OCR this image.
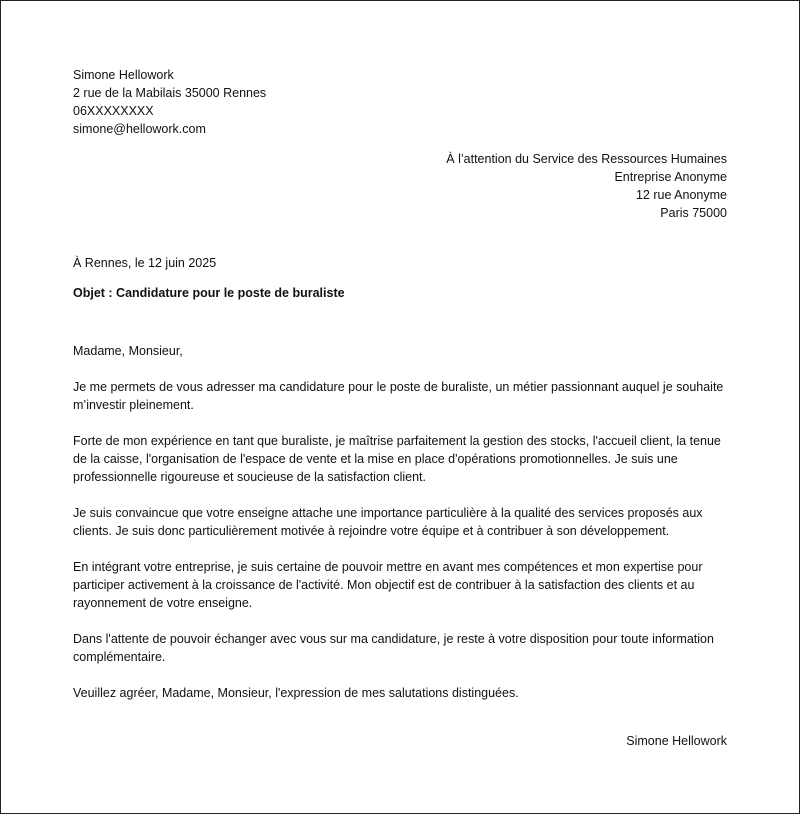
Simone Hellowork
2 rue de la Mabilais 35000 Rennes
06XXXXXXXX
simone@hellowork.com
À l’attention du Service des Ressources Humaines
Entreprise Anonyme
12 rue Anonyme
Paris 75000
À Rennes, le 12 juin 2025
Objet : Candidature pour le poste de buraliste

Madame, Monsieur,

Je me permets de vous adresser ma candidature pour le poste de buraliste, un métier passionnant auquel je souhaite m’investir pleinement.

Forte de mon expérience en tant que buraliste, je maîtrise parfaitement la gestion des stocks, l'accueil client, la tenue de la caisse, l'organisation de l'espace de vente et la mise en place d'opérations promotionnelles. Je suis une professionnelle rigoureuse et soucieuse de la satisfaction client.

Je suis convaincue que votre enseigne attache une importance particulière à la qualité des services proposés aux clients. Je suis donc particulièrement motivée à rejoindre votre équipe et à contribuer à son développement.

En intégrant votre entreprise, je suis certaine de pouvoir mettre en avant mes compétences et mon expertise pour participer activement à la croissance de l'activité. Mon objectif est de contribuer à la satisfaction des clients et au rayonnement de votre enseigne.

Dans l'attente de pouvoir échanger avec vous sur ma candidature, je reste à votre disposition pour toute information complémentaire.

Veuillez agréer, Madame, Monsieur, l'expression de mes salutations distinguées.

Simone Hellowork
